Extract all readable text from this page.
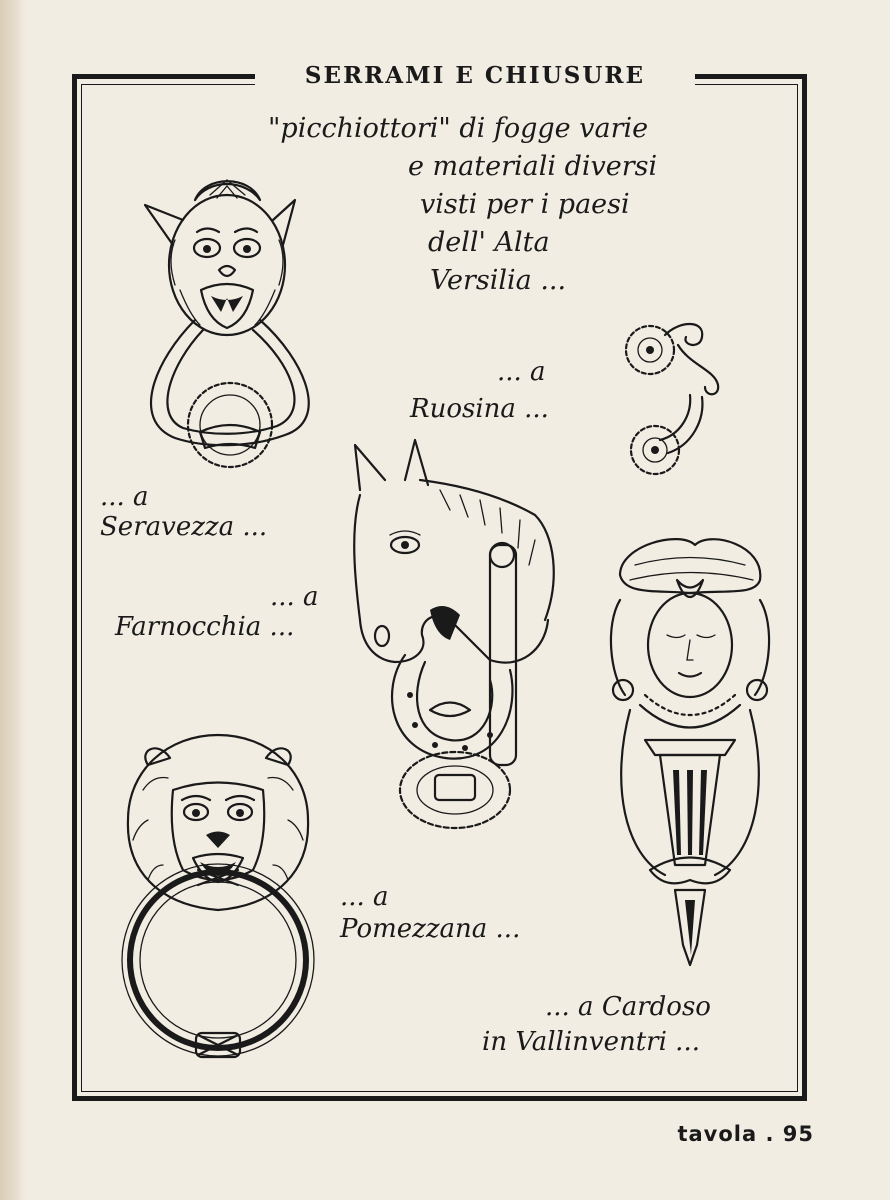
SERRAMI E CHIUSURE
"picchiottori" di fogge varie
e materiali diversi
visti per i paesi
dell' Alta
Versilia ...
... a
Ruosina ...
... a
Seravezza ...
... a
Farnocchia ...
... a
Pomezzana ...
... a Cardoso
in Vallinventri ...
tavola . 95
